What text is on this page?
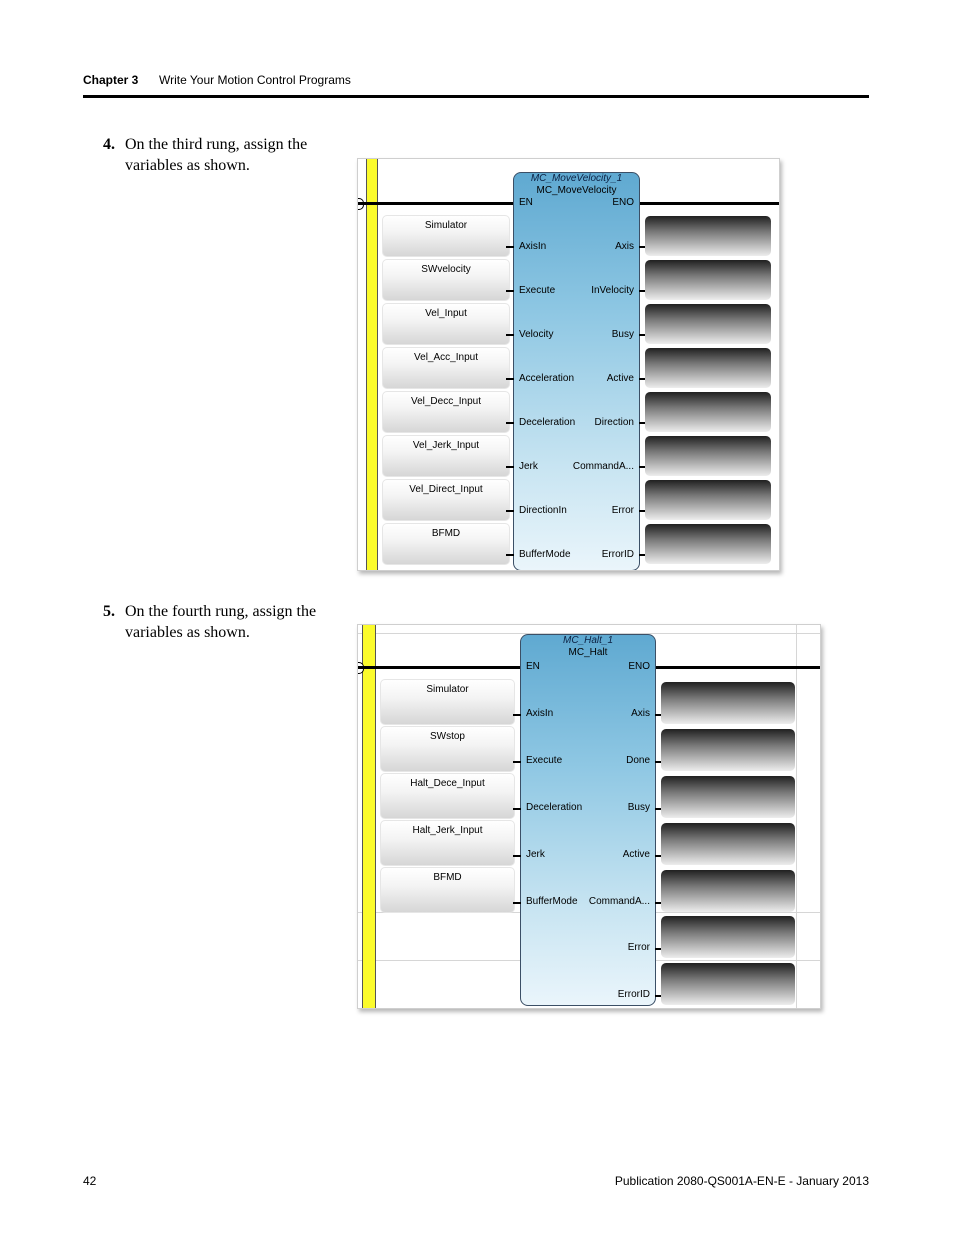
Chapter 3 Write Your Motion Control Programs
4. On the third rung, assign the variables as shown.
MC_MoveVelocity_1
MC_MoveVelocity
EN	ENO
AxisIn
Execute
Velocity
Acceleration
Deceleration
Jerk
DirectionIn
BufferMode
Axis
InVelocity
Busy
Active
Direction
CommandA...
Error
ErrorID
Simulator
SWvelocity
Vel_Input
Vel_Acc_Input
Vel_Decc_Input
Vel_Jerk_Input
Vel_Direct_Input
BFMD
5. On the fourth rung, assign the variables as shown.	MC_Halt_1
MC_Halt
EN	ENO
AxisIn
Execute
Deceleration
Jerk
BufferMode
Axis
Done
Busy
Active
CommandA...
Error
ErrorID
Simulator
SWstop
Halt_Dece_Input
Halt_Jerk_Input
BFMD
42	Publication 2080-QS001A-EN-E - January 2013
